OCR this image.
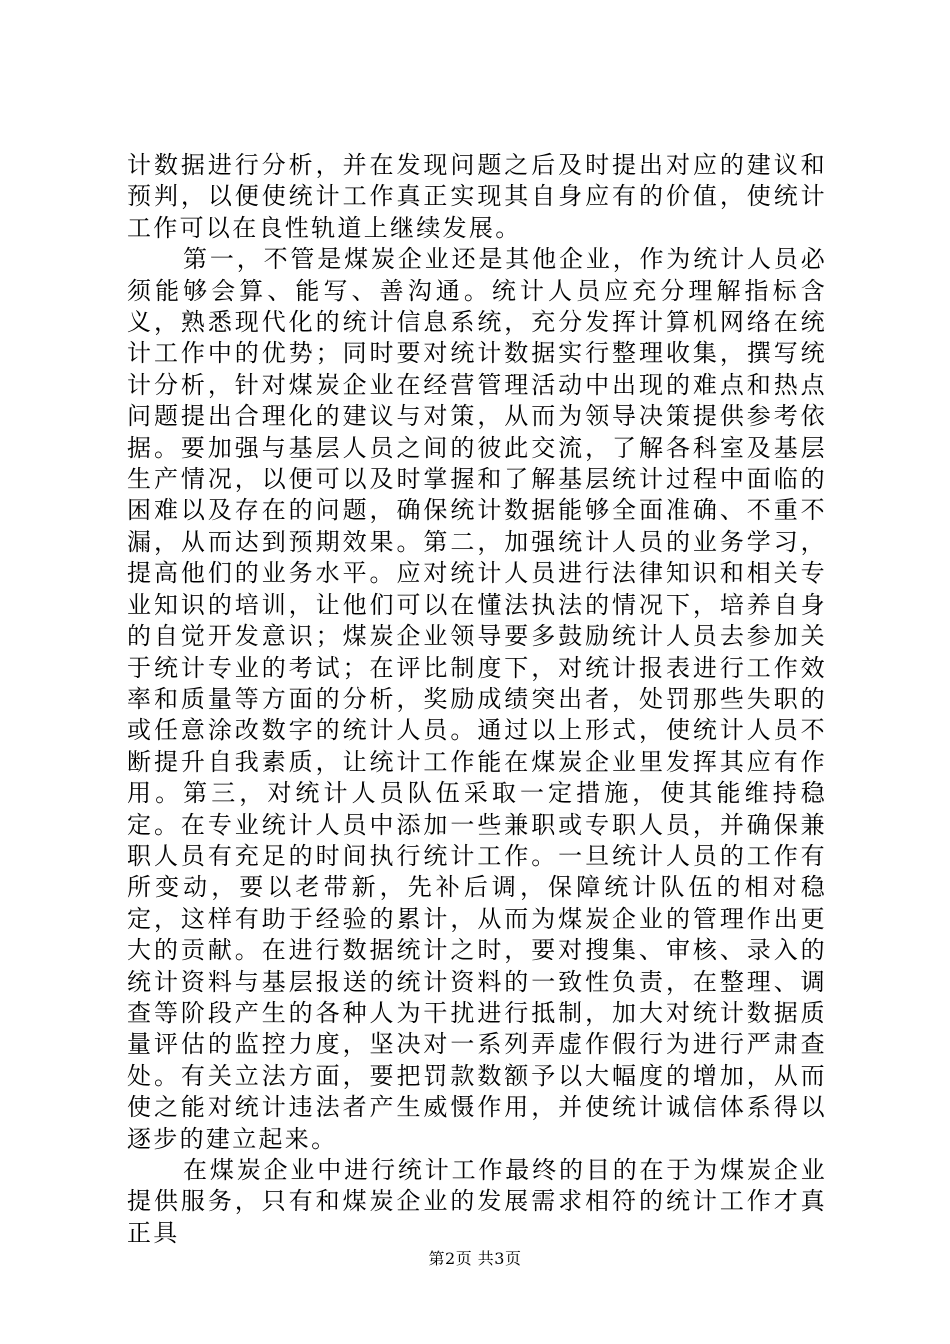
计数据进行分析，并在发现问题之后及时提出对应的建议和预判，以便使统计工作真正实现其自身应有的价值，使统计工作可以在良性轨道上继续发展。

第一，不管是煤炭企业还是其他企业，作为统计人员必须能够会算、能写、善沟通。统计人员应充分理解指标含义，熟悉现代化的统计信息系统，充分发挥计算机网络在统计工作中的优势；同时要对统计数据实行整理收集，撰写统计分析，针对煤炭企业在经营管理活动中出现的难点和热点问题提出合理化的建议与对策，从而为领导决策提供参考依据。要加强与基层人员之间的彼此交流，了解各科室及基层生产情况，以便可以及时掌握和了解基层统计过程中面临的困难以及存在的问题，确保统计数据能够全面准确、不重不漏，从而达到预期效果。第二，加强统计人员的业务学习，提高他们的业务水平。应对统计人员进行法律知识和相关专业知识的培训，让他们可以在懂法执法的情况下，培养自身的自觉开发意识；煤炭企业领导要多鼓励统计人员去参加关于统计专业的考试；在评比制度下，对统计报表进行工作效率和质量等方面的分析，奖励成绩突出者，处罚那些失职的或任意涂改数字的统计人员。通过以上形式，使统计人员不断提升自我素质，让统计工作能在煤炭企业里发挥其应有作用。第三，对统计人员队伍采取一定措施，使其能维持稳定。在专业统计人员中添加一些兼职或专职人员，并确保兼职人员有充足的时间执行统计工作。一旦统计人员的工作有所变动，要以老带新，先补后调，保障统计队伍的相对稳定，这样有助于经验的累计，从而为煤炭企业的管理作出更大的贡献。在进行数据统计之时，要对搜集、审核、录入的统计资料与基层报送的统计资料的一致性负责，在整理、调查等阶段产生的各种人为干扰进行抵制，加大对统计数据质量评估的监控力度，坚决对一系列弄虚作假行为进行严肃查处。有关立法方面，要把罚款数额予以大幅度的增加，从而使之能对统计违法者产生威慑作用，并使统计诚信体系得以逐步的建立起来。

在煤炭企业中进行统计工作最终的目的在于为煤炭企业提供服务，只有和煤炭企业的发展需求相符的统计工作才真正具

第2页 共3页
